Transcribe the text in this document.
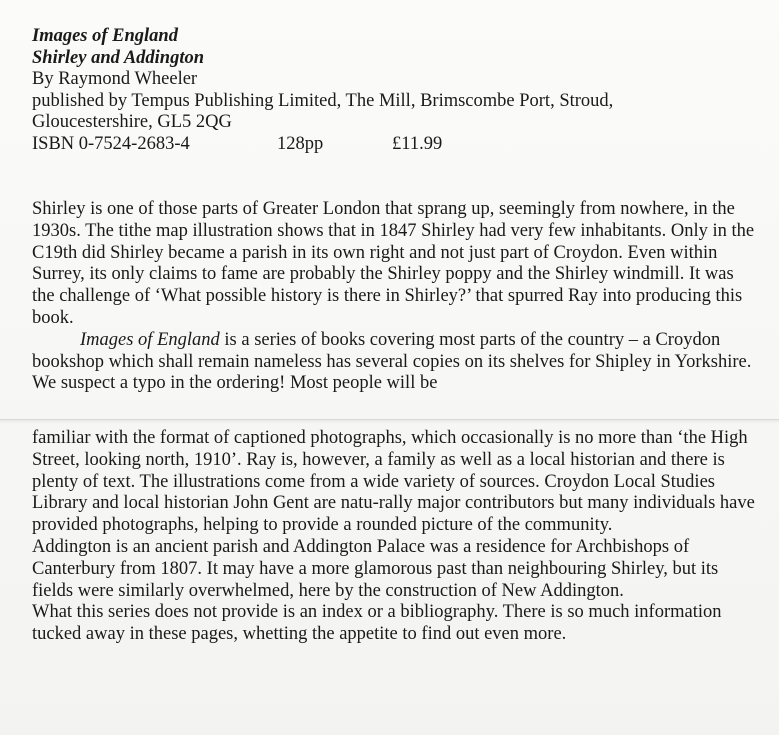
Images of England
Shirley and Addington
By Raymond Wheeler
published by Tempus Publishing Limited, The Mill, Brimscombe Port, Stroud,
Gloucestershire, GL5 2QG
ISBN 0-7524-2683-4	128pp	£11.99

Shirley is one of those parts of Greater London that sprang up, seemingly from nowhere, in the 1930s. The tithe map illustration shows that in 1847 Shirley had very few inhabitants. Only in the C19th did Shirley became a parish in its own right and not just part of Croydon. Even within Surrey, its only claims to fame are probably the Shirley poppy and the Shirley windmill. It was the challenge of ‘What possible history is there in Shirley?’ that spurred Ray into producing this book.

Images of England is a series of books covering most parts of the country – a Croydon bookshop which shall remain nameless has several copies on its shelves for Shipley in Yorkshire. We suspect a typo in the ordering! Most people will be

familiar with the format of captioned photographs, which occasionally is no more than ‘the High Street, looking north, 1910’. Ray is, however, a family as well as a local historian and there is plenty of text. The illustrations come from a wide variety of sources. Croydon Local Studies Library and local historian John Gent are natu-rally major contributors but many individuals have provided photographs, helping to provide a rounded picture of the community.

Addington is an ancient parish and Addington Palace was a residence for Archbishops of Canterbury from 1807. It may have a more glamorous past than neighbouring Shirley, but its fields were similarly overwhelmed, here by the construction of New Addington.

What this series does not provide is an index or a bibliography. There is so much information tucked away in these pages, whetting the appetite to find out even more.
